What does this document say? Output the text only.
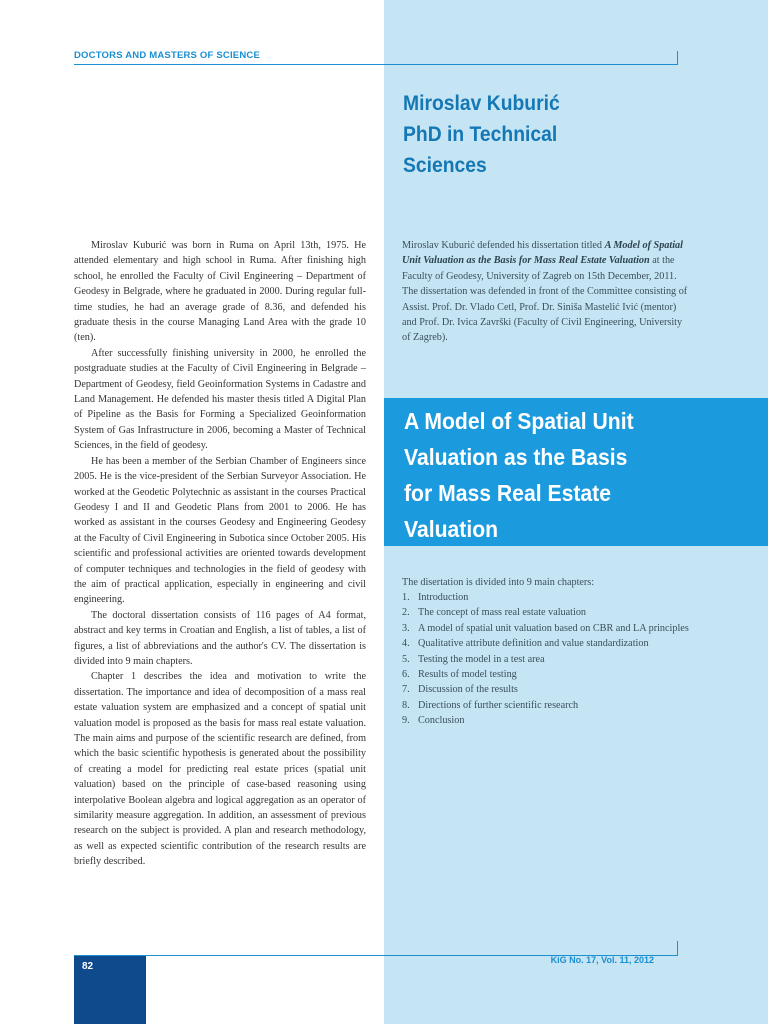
DOCTORS AND MASTERS OF SCIENCE
Miroslav Kuburić
PhD in Technical
Sciences

Miroslav Kuburić was born in Ruma on April 13th, 1975. He attended elementary and high school in Ruma. After finishing high school, he enrolled the Faculty of Civil Engineering – Department of Geodesy in Belgrade, where he graduated in 2000. During regular full-time studies, he had an average grade of 8.36, and defended his graduate thesis in the course Managing Land Area with the grade 10 (ten).

After successfully finishing university in 2000, he enrolled the postgraduate studies at the Faculty of Civil Engineering in Belgrade – Department of Geodesy, field Geoinformation Systems in Cadastre and Land Management. He defended his master thesis titled A Digital Plan of Pipeline as the Basis for Forming a Specialized Geoinformation System of Gas Infrastructure in 2006, becoming a Master of Technical Sciences, in the field of geodesy.

He has been a member of the Serbian Chamber of Engineers since 2005. He is the vice-president of the Serbian Surveyor Association. He worked at the Geodetic Polytechnic as assistant in the courses Practical Geodesy I and II and Geodetic Plans from 2001 to 2006. He has worked as assistant in the courses Geodesy and Engineering Geodesy at the Faculty of Civil Engineering in Subotica since October 2005. His scientific and professional activities are oriented towards development of computer techniques and technologies in the field of geodesy with the aim of practical application, especially in engineering and civil engineering.

The doctoral dissertation consists of 116 pages of A4 format, abstract and key terms in Croatian and English, a list of tables, a list of figures, a list of abbreviations and the author's CV. The dissertation is divided into 9 main chapters.

Chapter 1 describes the idea and motivation to write the dissertation. The importance and idea of decomposition of a mass real estate valuation system are emphasized and a concept of spatial unit valuation model is proposed as the basis for mass real estate valuation. The main aims and purpose of the scientific research are defined, from which the basic scientific hypothesis is generated about the possibility of creating a model for predicting real estate prices (spatial unit valuation) based on the principle of case-based reasoning using interpolative Boolean algebra and logical aggregation as an operator of similarity measure aggregation. In addition, an assessment of previous research on the subject is provided. A plan and research methodology, as well as expected scientific contribution of the research results are briefly described.

Miroslav Kuburić defended his dissertation titled A Model of Spatial Unit Valuation as the Basis for Mass Real Estate Valuation at the Faculty of Geodesy, University of Zagreb on 15th December, 2011. The dissertation was defended in front of the Committee consisting of Assist. Prof. Dr. Vlado Cetl, Prof. Dr. Siniša Mastelić Ivić (mentor) and Prof. Dr. Ivica Završki (Faculty of Civil Engineering, University of Zagreb).

A Model of Spatial Unit
Valuation as the Basis
for Mass Real Estate
Valuation

The disertation is divided into 9 main chapters:

1. Introduction
2. The concept of mass real estate valuation
3. A model of spatial unit valuation based on CBR and LA principles
4. Qualitative attribute definition and value standardization
5. Testing the model in a test area
6. Results of model testing
7. Discussion of the results
8. Directions of further scientific research
9. Conclusion
82
KiG No. 17, Vol. 11, 2012
